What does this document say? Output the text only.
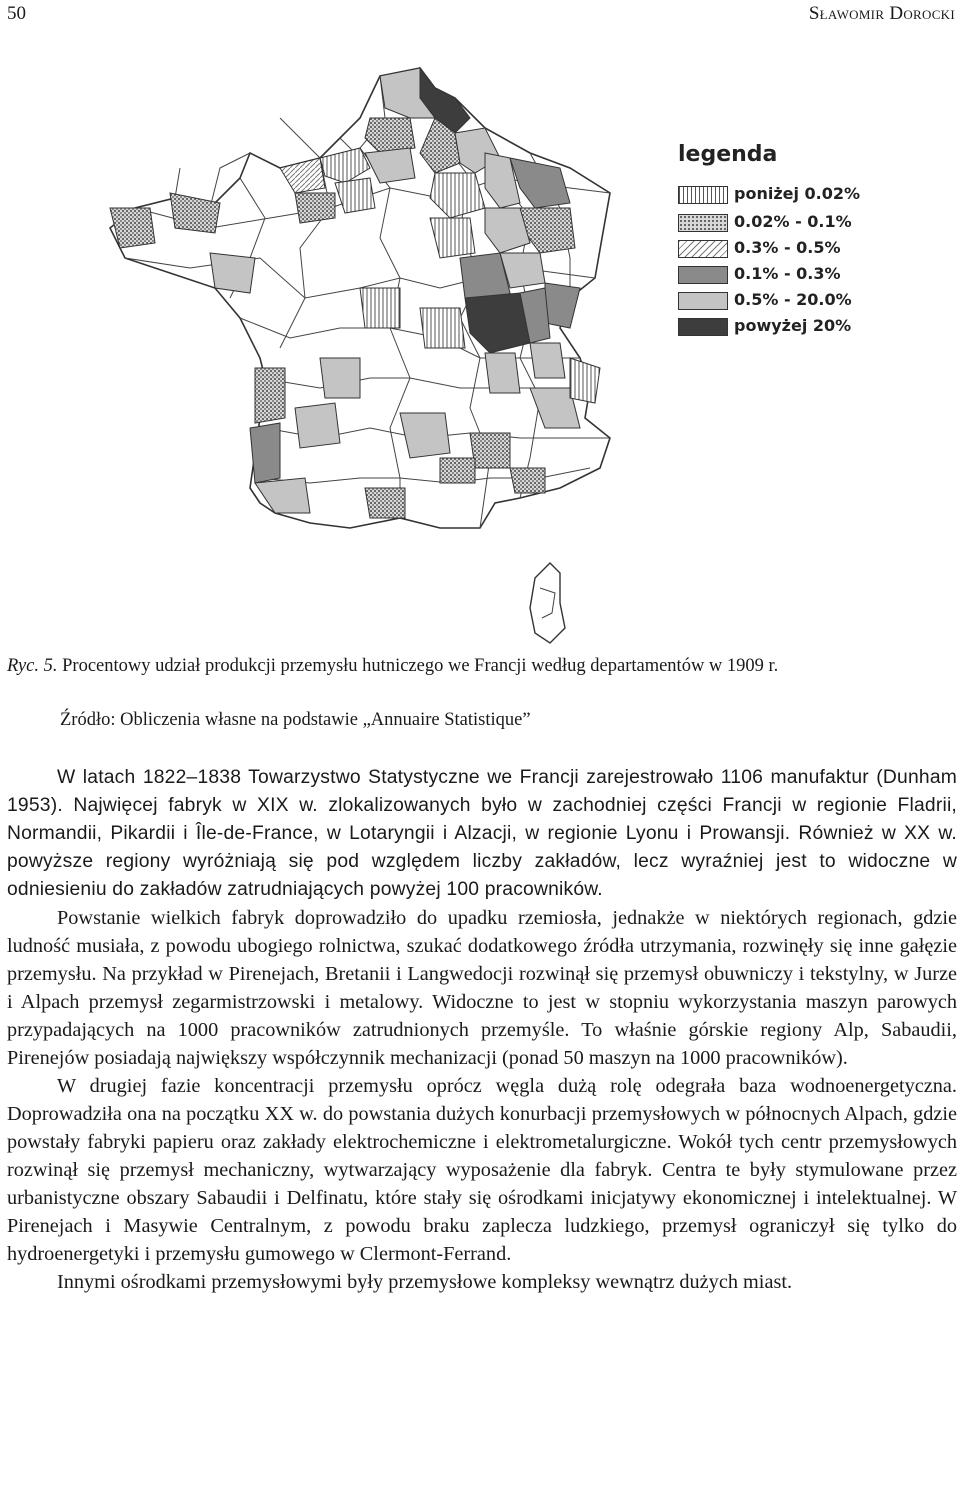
50	Sławomir Dorocki
legenda
poniżej 0.02%
0.02% - 0.1%
0.3% - 0.5%
0.1% - 0.3%
0.5% - 20.0%
powyżej 20%
Ryc. 5. Procentowy udział produkcji przemysłu hutniczego we Francji według departamentów w 1909 r.
Źródło: Obliczenia własne na podstawie „Annuaire Statistique”

W latach 1822–1838 Towarzystwo Statystyczne we Francji zarejestrowało 1106 manufaktur (Dunham 1953). Najwięcej fabryk w XIX w. zlokalizowanych było w zachodniej części Francji w regionie Fladrii, Normandii, Pikardii i Île-de-France, w Lotaryngii i Alzacji, w regionie Lyonu i Prowansji. Również w XX w. powyższe regiony wyróżniają się pod względem liczby zakładów, lecz wyraźniej jest to widoczne w odniesieniu do zakładów zatrudniających powyżej 100 pracowników.

Powstanie wielkich fabryk doprowadziło do upadku rzemiosła, jednakże w niektórych regionach, gdzie ludność musiała, z powodu ubogiego rolnictwa, szukać dodatkowego źródła utrzymania, rozwinęły się inne gałęzie przemysłu. Na przykład w Pirenejach, Bretanii i Langwedocji rozwinął się przemysł obuwniczy i tekstylny, w Jurze i Alpach przemysł zegarmistrzowski i metalowy. Widoczne to jest w stopniu wykorzystania maszyn parowych przypadających na 1000 pracowników zatrudnionych przemyśle. To właśnie górskie regiony Alp, Sabaudii, Pirenejów posiadają największy współczynnik mechanizacji (ponad 50 maszyn na 1000 pracowników).

W drugiej fazie koncentracji przemysłu oprócz węgla dużą rolę odegrała baza wodnoenergetyczna. Doprowadziła ona na początku XX w. do powstania dużych konurbacji przemysłowych w północnych Alpach, gdzie powstały fabryki papieru oraz zakłady elektrochemiczne i elektrometalurgiczne. Wokół tych centr przemysłowych rozwinął się przemysł mechaniczny, wytwarzający wyposażenie dla fabryk. Centra te były stymulowane przez urbanistyczne obszary Sabaudii i Delfinatu, które stały się ośrodkami inicjatywy ekonomicznej i intelektualnej. W Pirenejach i Masywie Centralnym, z powodu braku zaplecza ludzkiego, przemysł ograniczył się tylko do hydroenergetyki i przemysłu gumowego w Clermont-Ferrand.

Innymi ośrodkami przemysłowymi były przemysłowe kompleksy wewnątrz dużych miast.
